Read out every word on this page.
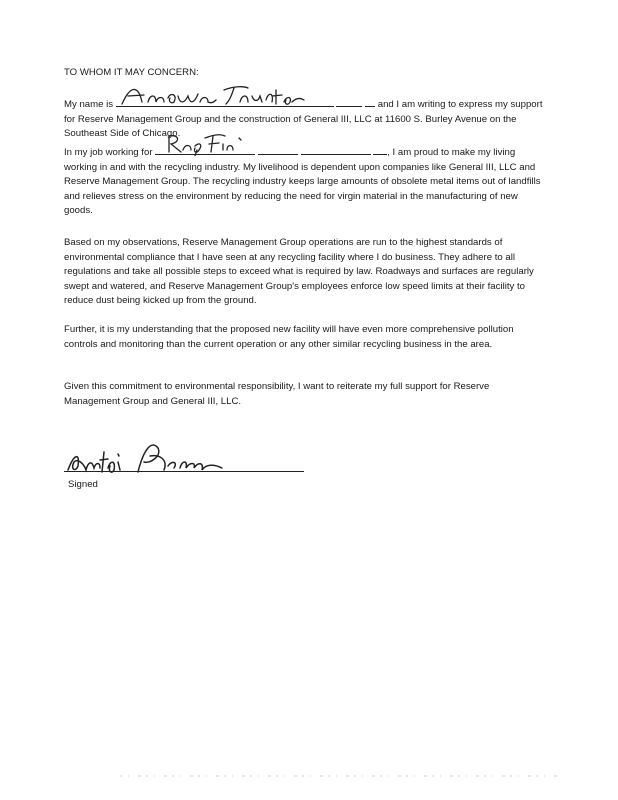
TO WHOM IT MAY CONCERN:

My name is	and I am writing to express my support for Reserve Management Group and the construction of General III, LLC at 11600 S. Burley Avenue on the Southeast Side of Chicago.

In my job working for	, I am proud to make my living working in and with the recycling industry. My livelihood is dependent upon companies like General III, LLC and Reserve Management Group. The recycling industry keeps large amounts of obsolete metal items out of landfills and relieves stress on the environment by reducing the need for virgin material in the manufacturing of new goods.

Based on my observations, Reserve Management Group operations are run to the highest standards of environmental compliance that I have seen at any recycling facility where I do business. They adhere to all regulations and take all possible steps to exceed what is required by law. Roadways and surfaces are regularly swept and watered, and Reserve Management Group's employees enforce low speed limits at their facility to reduce dust being kicked up from the ground.

Further, it is my understanding that the proposed new facility will have even more comprehensive pollution controls and monitoring than the current operation or any other similar recycling business in the area.

Given this commitment to environmental responsibility, I want to reiterate my full support for Reserve Management Group and General III, LLC.

Signed
